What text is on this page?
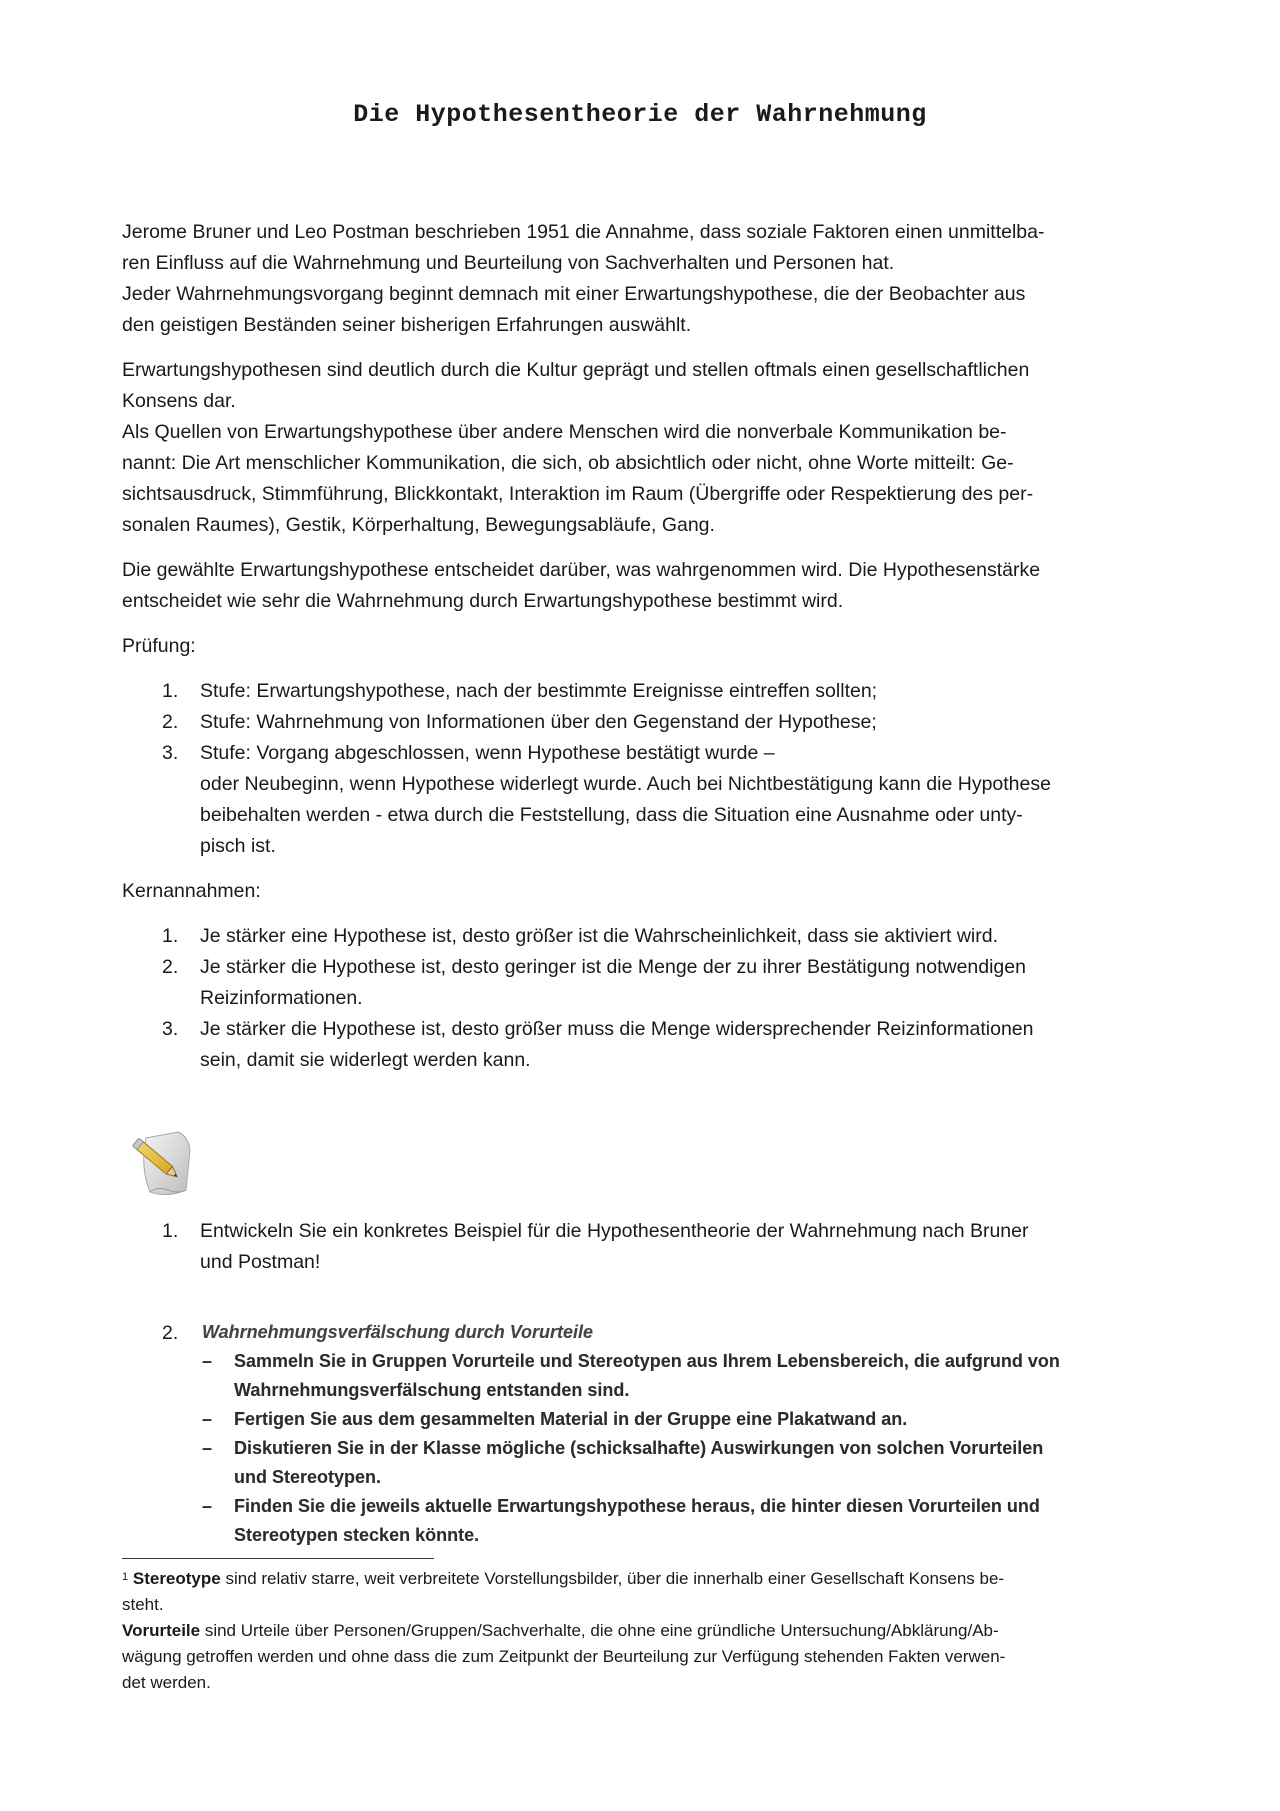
Die Hypothesentheorie der Wahrnehmung

Jerome Bruner und Leo Postman beschrieben 1951 die Annahme, dass soziale Faktoren einen unmittelba-
ren Einfluss auf die Wahrnehmung und Beurteilung von Sachverhalten und Personen hat.
Jeder Wahrnehmungsvorgang beginnt demnach mit einer Erwartungshypothese, die der Beobachter aus
den geistigen Beständen seiner bisherigen Erfahrungen auswählt.

Erwartungshypothesen sind deutlich durch die Kultur geprägt und stellen oftmals einen gesellschaftlichen
Konsens dar.
Als Quellen von Erwartungshypothese über andere Menschen wird die nonverbale Kommunikation be-
nannt: Die Art menschlicher Kommunikation, die sich, ob absichtlich oder nicht, ohne Worte mitteilt: Ge-
sichtsausdruck, Stimmführung, Blickkontakt, Interaktion im Raum (Übergriffe oder Respektierung des per-
sonalen Raumes), Gestik, Körperhaltung, Bewegungsabläufe, Gang.

Die gewählte Erwartungshypothese entscheidet darüber, was wahrgenommen wird. Die Hypothesenstärke
entscheidet wie sehr die Wahrnehmung durch Erwartungshypothese bestimmt wird.

Prüfung:

1. Stufe: Erwartungshypothese, nach der bestimmte Ereignisse eintreffen sollten;
2. Stufe: Wahrnehmung von Informationen über den Gegenstand der Hypothese;
3. Stufe: Vorgang abgeschlossen, wenn Hypothese bestätigt wurde –
oder Neubeginn, wenn Hypothese widerlegt wurde. Auch bei Nichtbestätigung kann die Hypothese
beibehalten werden - etwa durch die Feststellung, dass die Situation eine Ausnahme oder unty-
pisch ist.

Kernannahmen:

1. Je stärker eine Hypothese ist, desto größer ist die Wahrscheinlichkeit, dass sie aktiviert wird.
2. Je stärker die Hypothese ist, desto geringer ist die Menge der zu ihrer Bestätigung notwendigen
Reizinformationen.
3. Je stärker die Hypothese ist, desto größer muss die Menge widersprechender Reizinformationen
sein, damit sie widerlegt werden kann.
1. Entwickeln Sie ein konkretes Beispiel für die Hypothesentheorie der Wahrnehmung nach Bruner
und Postman!
2. Wahrnehmungsverfälschung durch Vorurteile
– Sammeln Sie in Gruppen Vorurteile und Stereotypen aus Ihrem Lebensbereich, die aufgrund von
Wahrnehmungsverfälschung entstanden sind.
– Fertigen Sie aus dem gesammelten Material in der Gruppe eine Plakatwand an.
– Diskutieren Sie in der Klasse mögliche (schicksalhafte) Auswirkungen von solchen Vorurteilen
und Stereotypen.
– Finden Sie die jeweils aktuelle Erwartungshypothese heraus, die hinter diesen Vorurteilen und
Stereotypen stecken könnte.

$^1$ Stereotype sind relativ starre, weit verbreitete Vorstellungsbilder, über die innerhalb einer Gesellschaft Konsens be-
steht.

Vorurteile sind Urteile über Personen/Gruppen/Sachverhalte, die ohne eine gründliche Untersuchung/Abklärung/Ab-
wägung getroffen werden und ohne dass die zum Zeitpunkt der Beurteilung zur Verfügung stehenden Fakten verwen-
det werden.
